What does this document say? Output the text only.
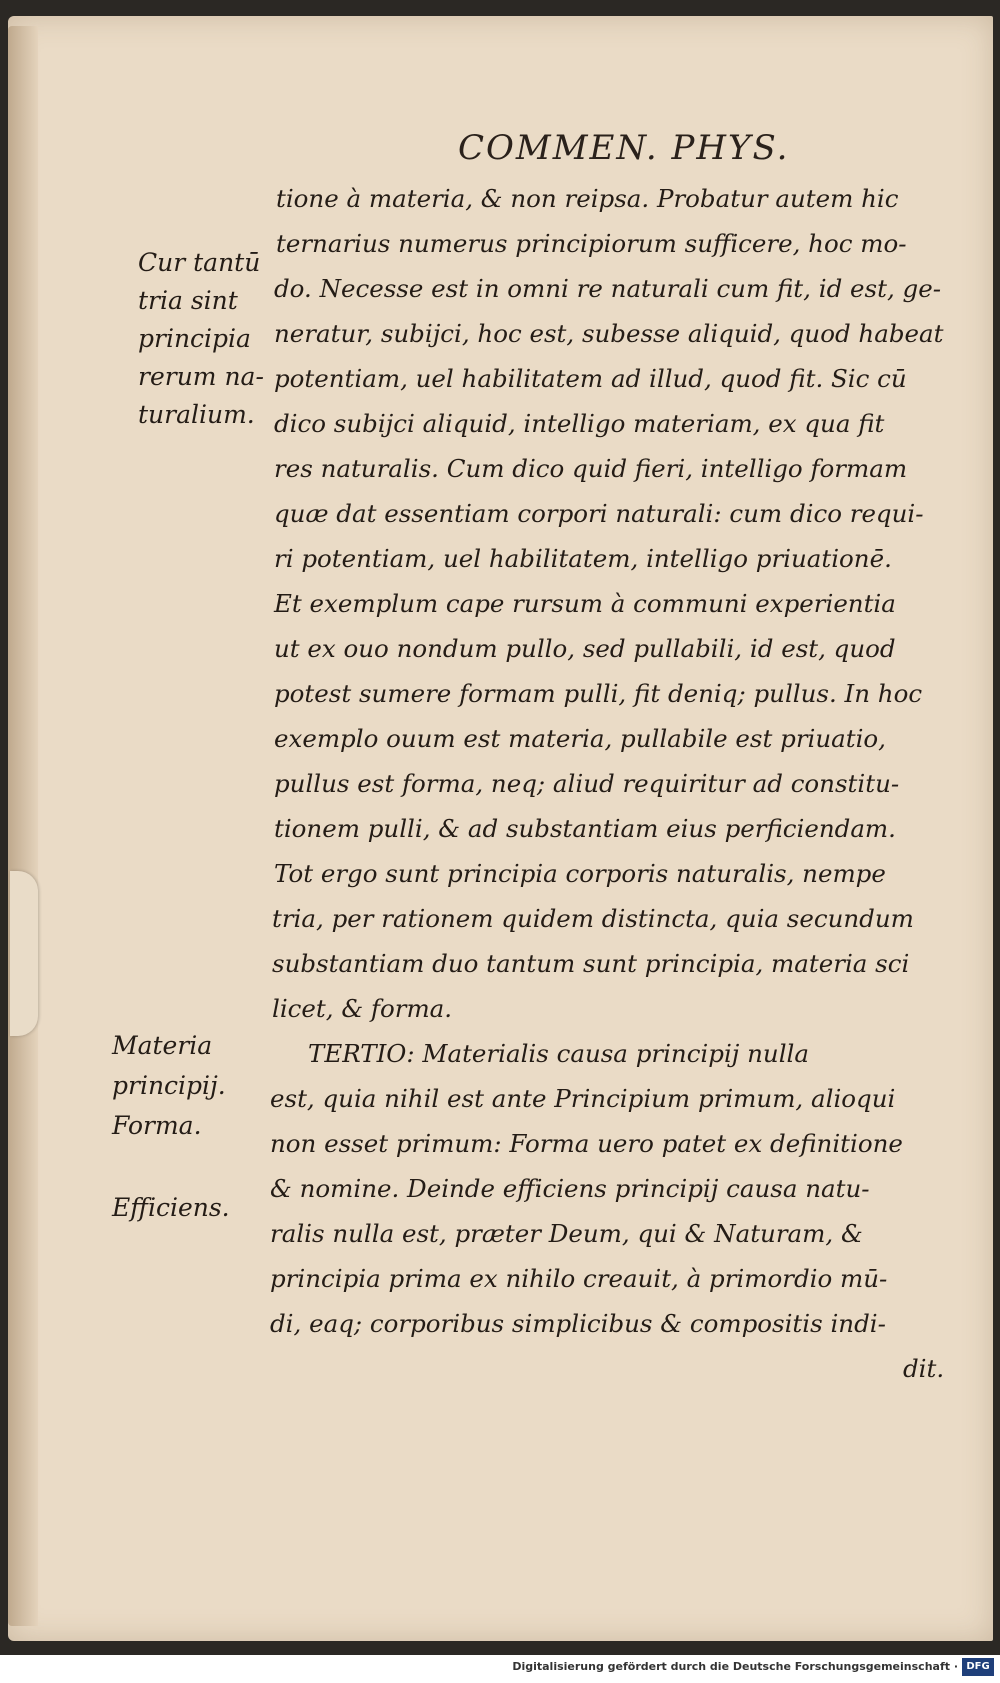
COMMEN. PHYS.
Cur tantū
tria sint
principia
rerum na-
turalium.
Materia
principij.
Forma.
Efficiens.
tione à materia, & non reipsa. Probatur autem hic
ternarius numerus principiorum sufficere, hoc mo-
do. Necesse est in omni re naturali cum fit, id est, ge-
neratur, subijci, hoc est, subesse aliquid, quod habeat
potentiam, uel habilitatem ad illud, quod fit. Sic cū
dico subijci aliquid, intelligo materiam, ex qua fit
res naturalis. Cum dico quid fieri, intelligo formam
quæ dat essentiam corpori naturali: cum dico requi-
ri potentiam, uel habilitatem, intelligo priuationē.
Et exemplum cape rursum à communi experientia
ut ex ouo nondum pullo, sed pullabili, id est, quod
potest sumere formam pulli, fit deniq; pullus. In hoc
exemplo ouum est materia, pullabile est priuatio,
pullus est forma, neq; aliud requiritur ad constitu-
tionem pulli, & ad substantiam eius perficiendam.
Tot ergo sunt principia corporis naturalis, nempe
tria, per rationem quidem distincta, quia secundum
substantiam duo tantum sunt principia, materia sci
licet, & forma.
TERTIO: Materialis causa principij nulla
est, quia nihil est ante Principium primum, alioqui
non esset primum: Forma uero patet ex definitione
& nomine. Deinde efficiens principij causa natu-
ralis nulla est, præter Deum, qui & Naturam, &
principia prima ex nihilo creauit, à primordio mū-
di, eaq; corporibus simplicibus & compositis indi-
dit.
Digitalisierung gefördert durch die Deutsche Forschungsgemeinschaft · DFG
